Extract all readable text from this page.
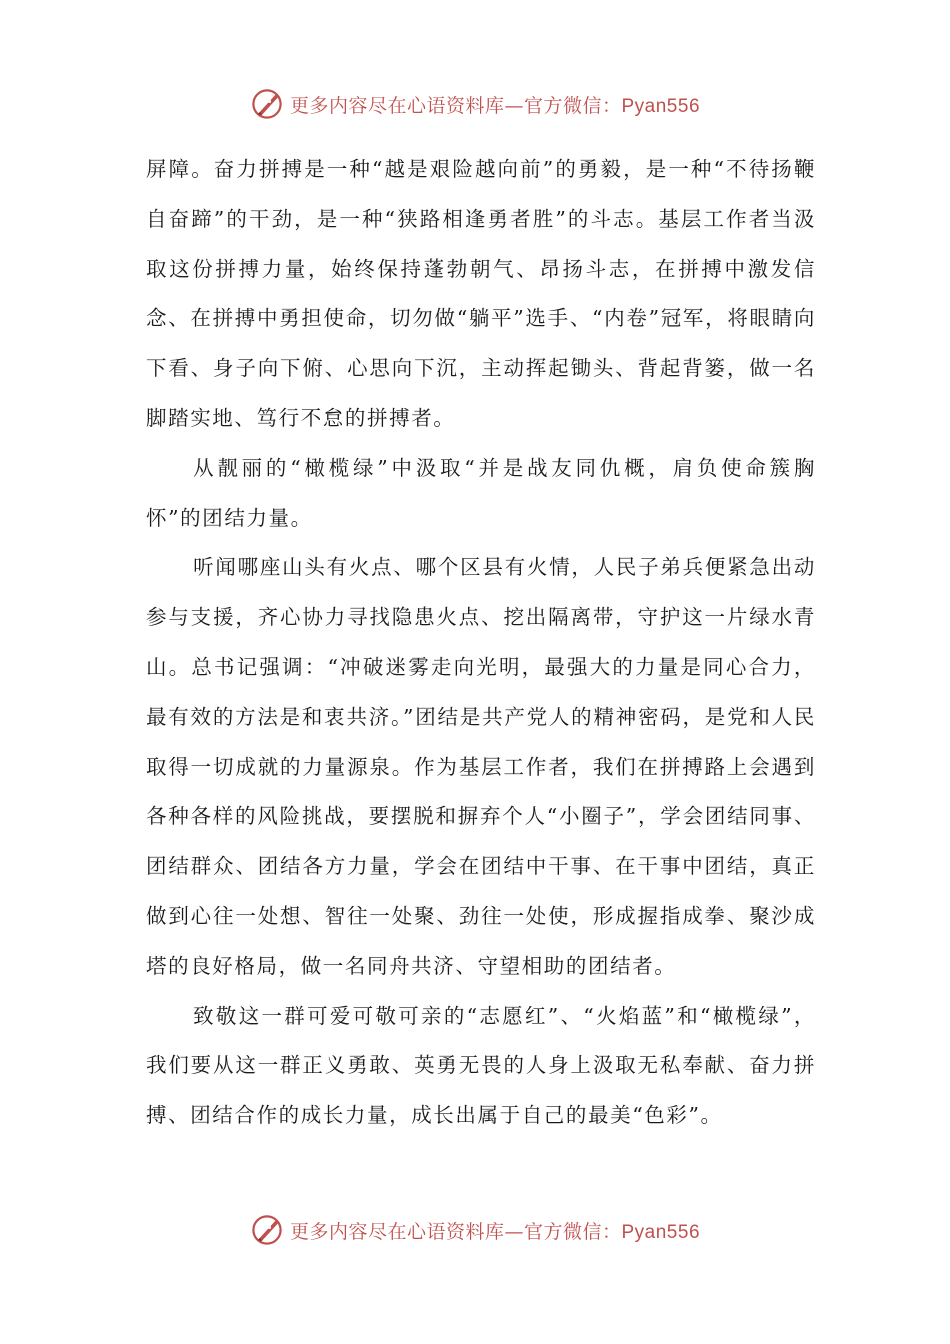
更多内容尽在心语资料库—官方微信：Pyan556

屏障。奋力拼搏是一种“越是艰险越向前”的勇毅，是一种“不待扬鞭自奋蹄”的干劲，是一种“狭路相逢勇者胜”的斗志。基层工作者当汲取这份拼搏力量，始终保持蓬勃朝气、昂扬斗志，在拼搏中激发信念、在拼搏中勇担使命，切勿做“躺平”选手、“内卷”冠军，将眼睛向下看、身子向下俯、心思向下沉，主动挥起锄头、背起背篓，做一名脚踏实地、笃行不怠的拼搏者。

从靓丽的“橄榄绿”中汲取“并是战友同仇概，肩负使命簇胸怀”的团结力量。

听闻哪座山头有火点、哪个区县有火情，人民子弟兵便紧急出动参与支援，齐心协力寻找隐患火点、挖出隔离带，守护这一片绿水青山。总书记强调：“冲破迷雾走向光明，最强大的力量是同心合力，最有效的方法是和衷共济。”团结是共产党人的精神密码，是党和人民取得一切成就的力量源泉。作为基层工作者，我们在拼搏路上会遇到各种各样的风险挑战，要摆脱和摒弃个人“小圈子”，学会团结同事、团结群众、团结各方力量，学会在团结中干事、在干事中团结，真正做到心往一处想、智往一处聚、劲往一处使，形成握指成拳、聚沙成塔的良好格局，做一名同舟共济、守望相助的团结者。

致敬这一群可爱可敬可亲的“志愿红”、“火焰蓝”和“橄榄绿”，我们要从这一群正义勇敢、英勇无畏的人身上汲取无私奉献、奋力拼搏、团结合作的成长力量，成长出属于自己的最美“色彩”。

更多内容尽在心语资料库—官方微信：Pyan556
